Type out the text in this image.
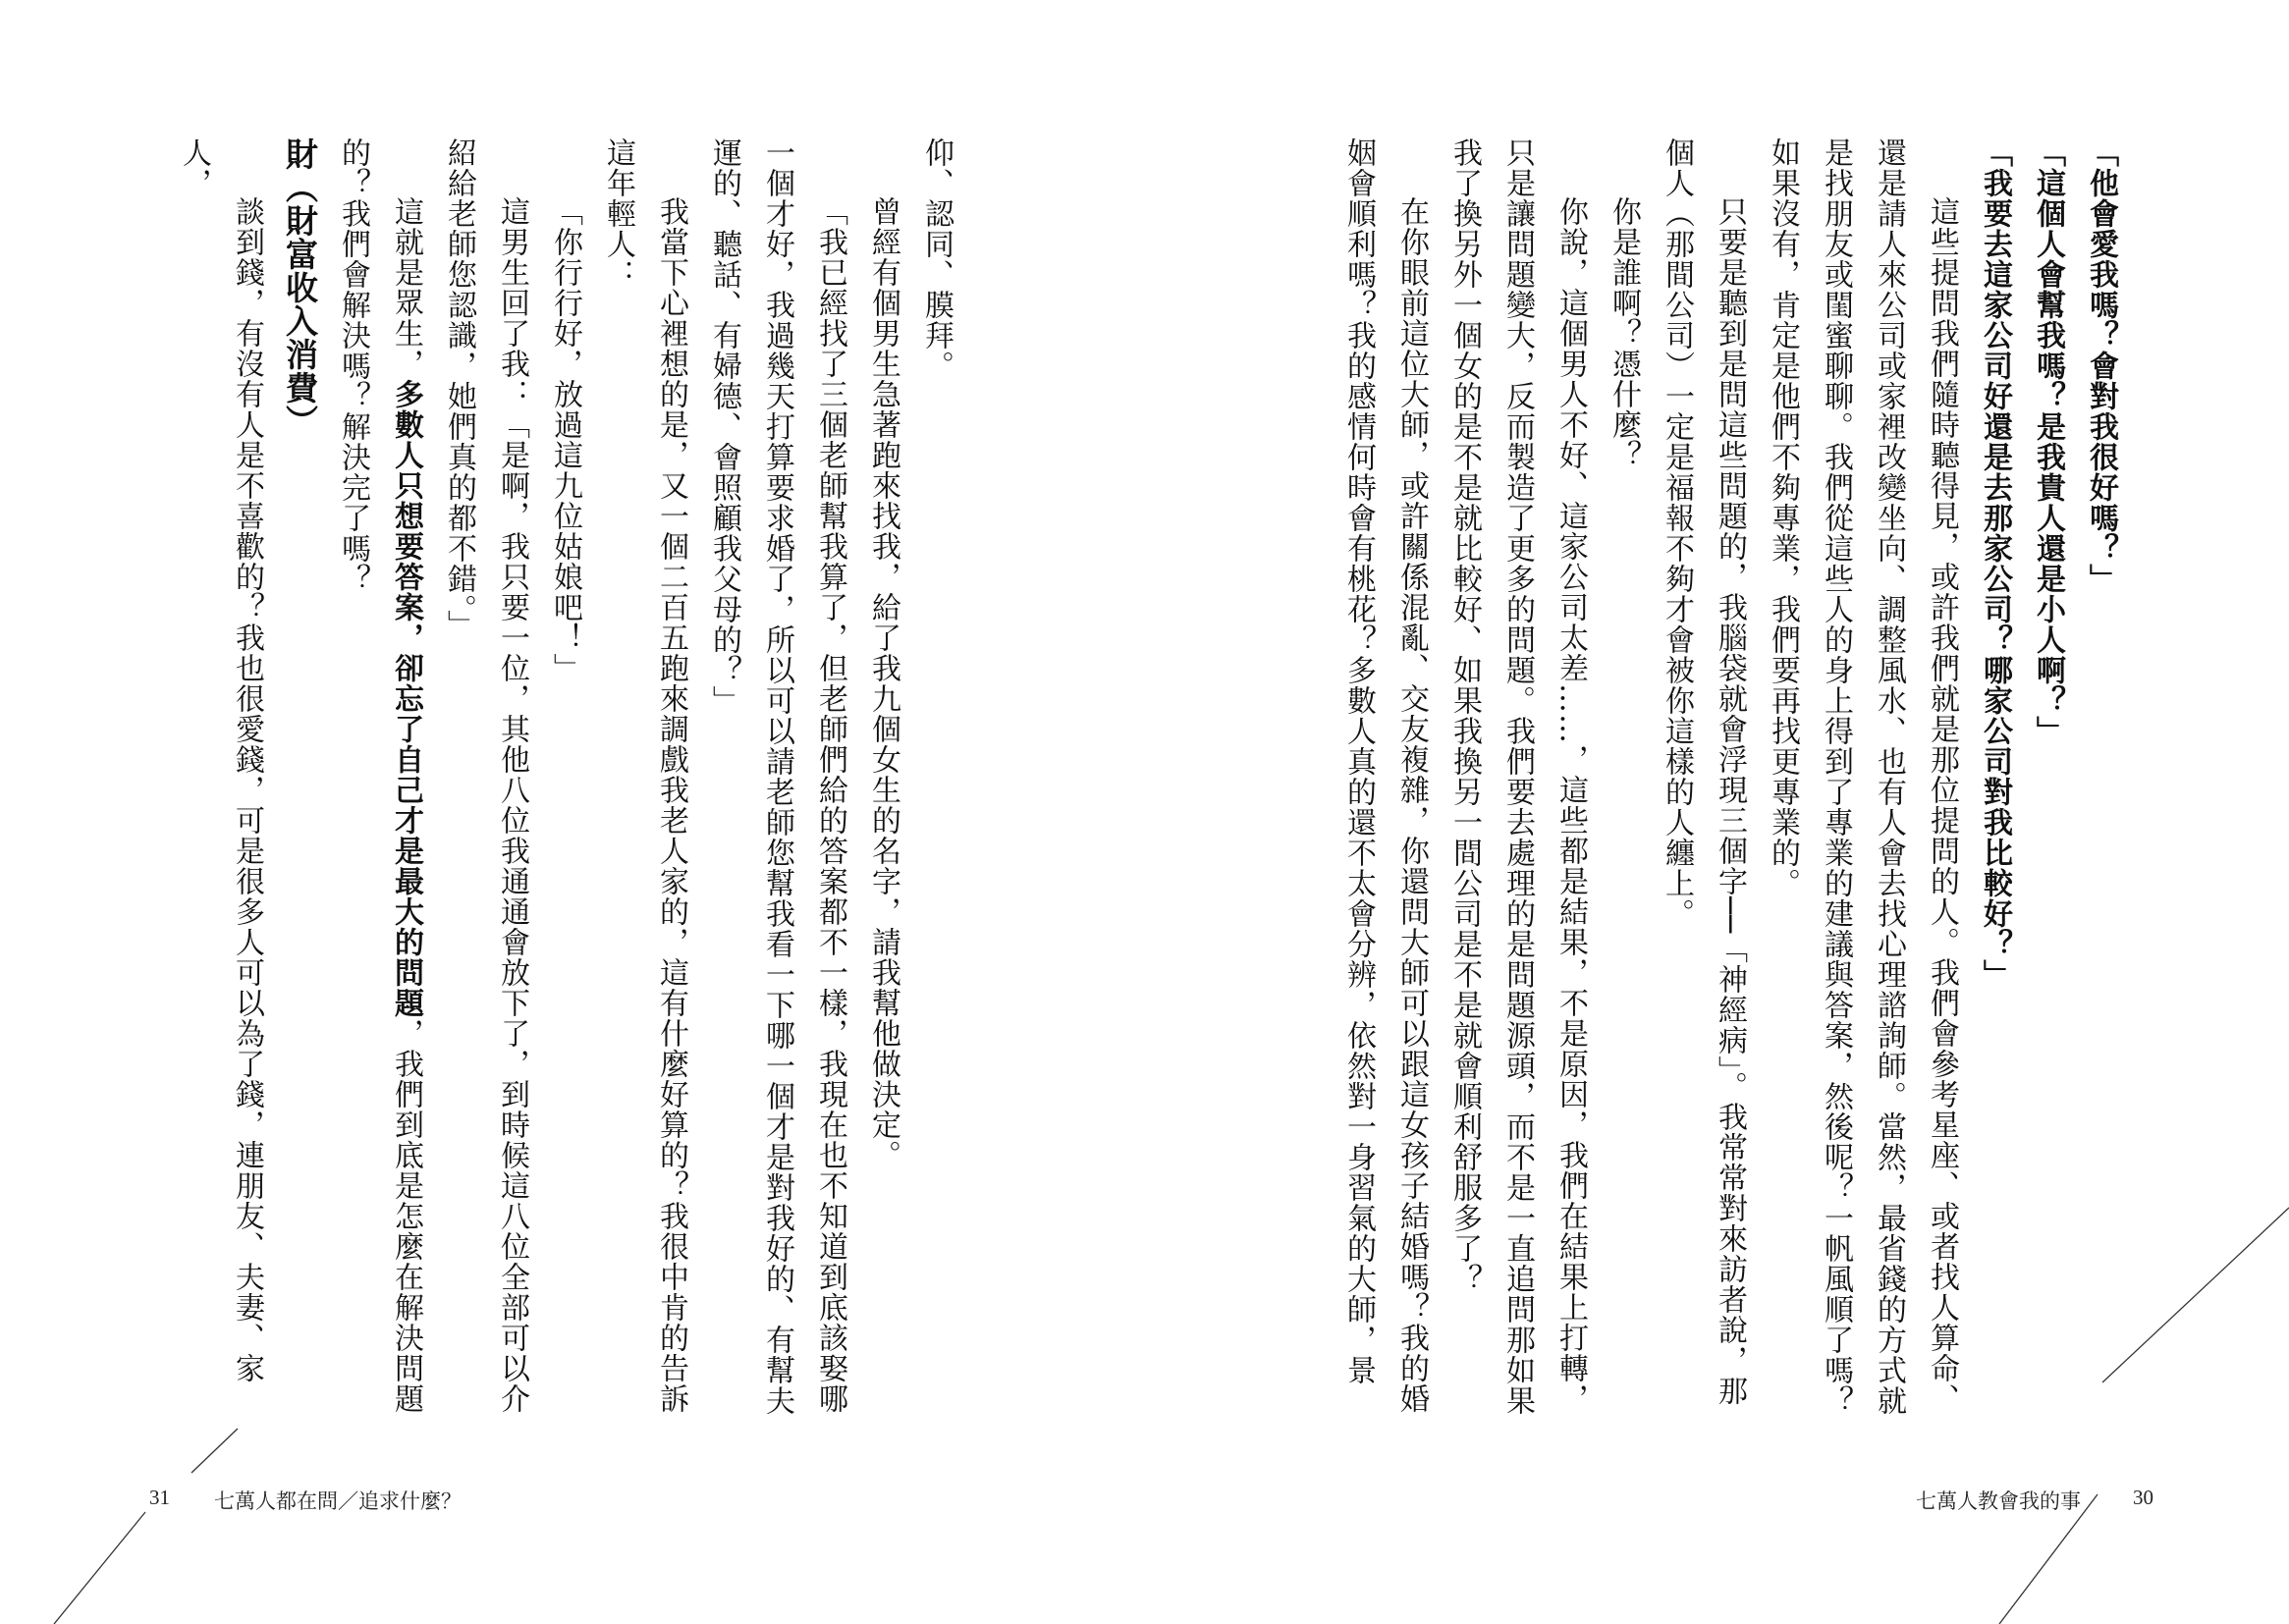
「他會愛我嗎？會對我很好嗎？」

「這個人會幫我嗎？是我貴人還是小人啊？」

「我要去這家公司好還是去那家公司？哪家公司對我比較好？」

這些提問我們隨時聽得見，或許我們就是那位提問的人。我們會參考星座、或者找人算命、還是請人來公司或家裡改變坐向、調整風水、也有人會去找心理諮詢師。當然，最省錢的方式就是找朋友或閨蜜聊聊。我們從這些人的身上得到了專業的建議與答案，然後呢？一帆風順了嗎？如果沒有，肯定是他們不夠專業，我們要再找更專業的。

只要是聽到是問這些問題的，我腦袋就會浮現三個字──「神經病」。我常常對來訪者說，那個人（那間公司）一定是福報不夠才會被你這樣的人纏上。

你是誰啊？憑什麼？

你說，這個男人不好、這家公司太差……，這些都是結果，不是原因，我們在結果上打轉，只是讓問題變大，反而製造了更多的問題。我們要去處理的是問題源頭，而不是一直追問那如果我了換另外一個女的是不是就比較好、如果我換另一間公司是不是就會順利舒服多了？

在你眼前這位大師，或許關係混亂、交友複雜，你還問大師可以跟這女孩子結婚嗎？我的婚姻會順利嗎？我的感情何時會有桃花？多數人真的還不太會分辨，依然對一身習氣的大師，景

七萬人教會我的事	30

仰、認同、膜拜。

曾經有個男生急著跑來找我，給了我九個女生的名字，請我幫他做決定。

「我已經找了三個老師幫我算了，但老師們給的答案都不一樣，我現在也不知道到底該娶哪一個才好，我過幾天打算要求婚了，所以可以請老師您幫我看一下哪一個才是對我好的、有幫夫運的、聽話、有婦德、會照顧我父母的？」

我當下心裡想的是，又一個二百五跑來調戲我老人家的，這有什麼好算的？我很中肯的告訴這年輕人：

「你行行好，放過這九位姑娘吧！」

這男生回了我：「是啊，我只要一位，其他八位我通通會放下了，到時候這八位全部可以介紹給老師您認識，她們真的都不錯。」

這就是眾生，多數人只想要答案，卻忘了自己才是最大的問題，我們到底是怎麼在解決問題的？我們會解決嗎？解決完了嗎？

財（財富收入消費）

談到錢，有沒有人是不喜歡的？我也很愛錢，可是很多人可以為了錢，連朋友、夫妻、家人，

31 七萬人都在問／追求什麼？
